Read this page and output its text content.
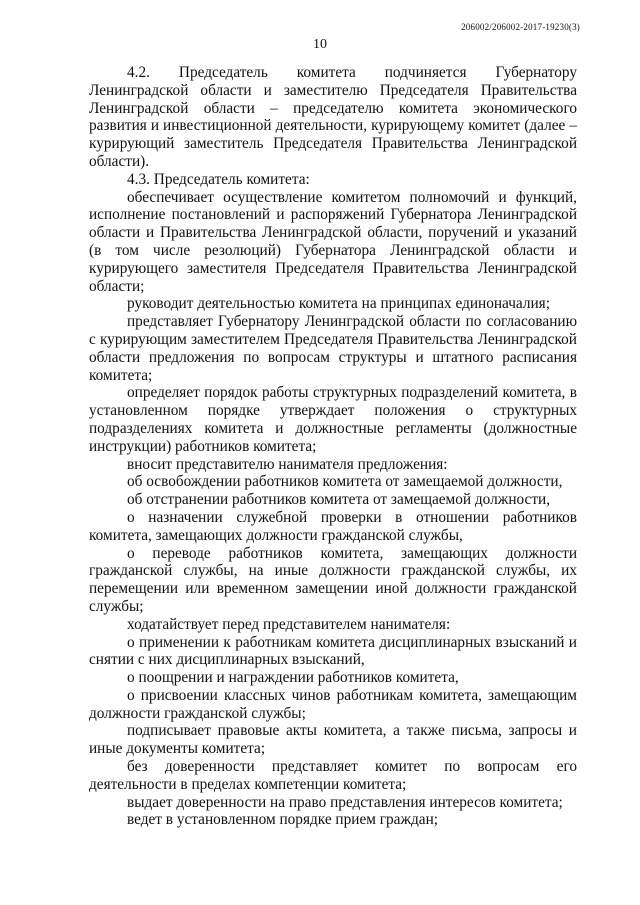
206002/206002-2017-19230(3)
10

4.2. Председатель комитета подчиняется Губернатору Ленинградской области и заместителю Председателя Правительства Ленинградской области – председателю комитета экономического развития и инвестиционной деятельности, курирующему комитет (далее – курирующий заместитель Председателя Правительства Ленинградской области).

4.3. Председатель комитета:

обеспечивает осуществление комитетом полномочий и функций, исполнение постановлений и распоряжений Губернатора Ленинградской области и Правительства Ленинградской области, поручений и указаний (в том числе резолюций) Губернатора Ленинградской области и курирующего заместителя Председателя Правительства Ленинградской области;

руководит деятельностью комитета на принципах единоначалия;

представляет Губернатору Ленинградской области по согласованию с курирующим заместителем Председателя Правительства Ленинградской области предложения по вопросам структуры и штатного расписания комитета;

определяет порядок работы структурных подразделений комитета, в установленном порядке утверждает положения о структурных подразделениях комитета и должностные регламенты (должностные инструкции) работников комитета;

вносит представителю нанимателя предложения:

об освобождении работников комитета от замещаемой должности,

об отстранении работников комитета от замещаемой должности,

о назначении служебной проверки в отношении работников комитета, замещающих должности гражданской службы,

о переводе работников комитета, замещающих должности гражданской службы, на иные должности гражданской службы, их перемещении или временном замещении иной должности гражданской службы;

ходатайствует перед представителем нанимателя:

о применении к работникам комитета дисциплинарных взысканий и снятии с них дисциплинарных взысканий,

о поощрении и награждении работников комитета,

о присвоении классных чинов работникам комитета, замещающим должности гражданской службы;

подписывает правовые акты комитета, а также письма, запросы и иные документы комитета;

без доверенности представляет комитет по вопросам его деятельности в пределах компетенции комитета;

выдает доверенности на право представления интересов комитета;

ведет в установленном порядке прием граждан;
